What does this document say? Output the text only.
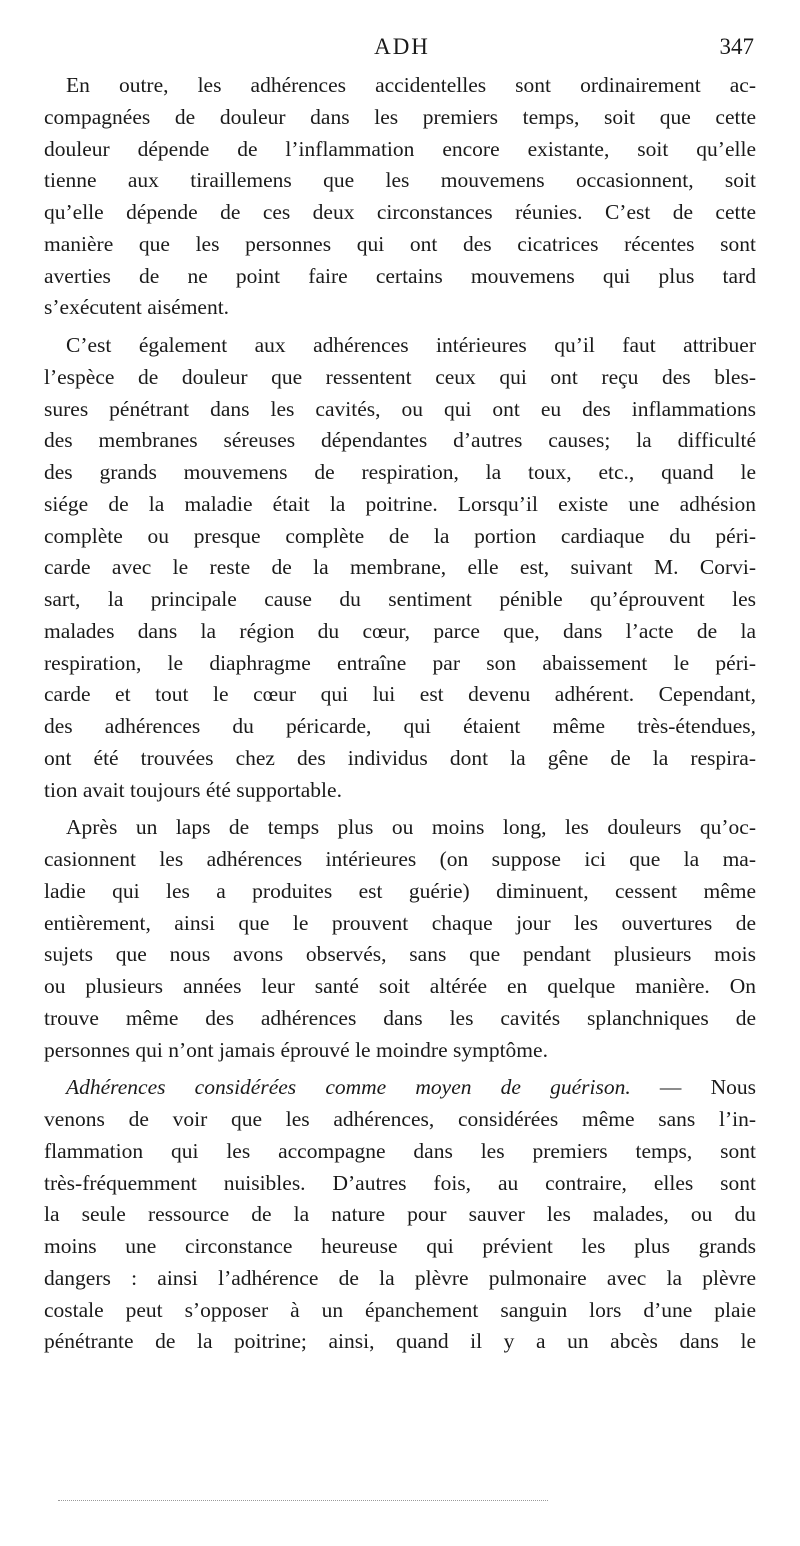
ADH	347
En outre, les adhérences accidentelles sont ordinairement ac-
compagnées de douleur dans les premiers temps, soit que cette
douleur dépende de l’inflammation encore existante, soit qu’elle
tienne aux tiraillemens que les mouvemens occasionnent, soit
qu’elle dépende de ces deux circonstances réunies. C’est de cette
manière que les personnes qui ont des cicatrices récentes sont
averties de ne point faire certains mouvemens qui plus tard
s’exécutent aisément.
C’est également aux adhérences intérieures qu’il faut attribuer
l’espèce de douleur que ressentent ceux qui ont reçu des bles-
sures pénétrant dans les cavités, ou qui ont eu des inflammations
des membranes séreuses dépendantes d’autres causes; la difficulté
des grands mouvemens de respiration, la toux, etc., quand le
siége de la maladie était la poitrine. Lorsqu’il existe une adhésion
complète ou presque complète de la portion cardiaque du péri-
carde avec le reste de la membrane, elle est, suivant M. Corvi-
sart, la principale cause du sentiment pénible qu’éprouvent les
malades dans la région du cœur, parce que, dans l’acte de la
respiration, le diaphragme entraîne par son abaissement le péri-
carde et tout le cœur qui lui est devenu adhérent. Cependant,
des adhérences du péricarde, qui étaient même très-étendues,
ont été trouvées chez des individus dont la gêne de la respira-
tion avait toujours été supportable.
Après un laps de temps plus ou moins long, les douleurs qu’oc-
casionnent les adhérences intérieures (on suppose ici que la ma-
ladie qui les a produites est guérie) diminuent, cessent même
entièrement, ainsi que le prouvent chaque jour les ouvertures de
sujets que nous avons observés, sans que pendant plusieurs mois
ou plusieurs années leur santé soit altérée en quelque manière. On
trouve même des adhérences dans les cavités splanchniques de
personnes qui n’ont jamais éprouvé le moindre symptôme.
Adhérences considérées comme moyen de guérison. — Nous
venons de voir que les adhérences, considérées même sans l’in-
flammation qui les accompagne dans les premiers temps, sont
très-fréquemment nuisibles. D’autres fois, au contraire, elles sont
la seule ressource de la nature pour sauver les malades, ou du
moins une circonstance heureuse qui prévient les plus grands
dangers : ainsi l’adhérence de la plèvre pulmonaire avec la plèvre
costale peut s’opposer à un épanchement sanguin lors d’une plaie
pénétrante de la poitrine; ainsi, quand il y a un abcès dans le
